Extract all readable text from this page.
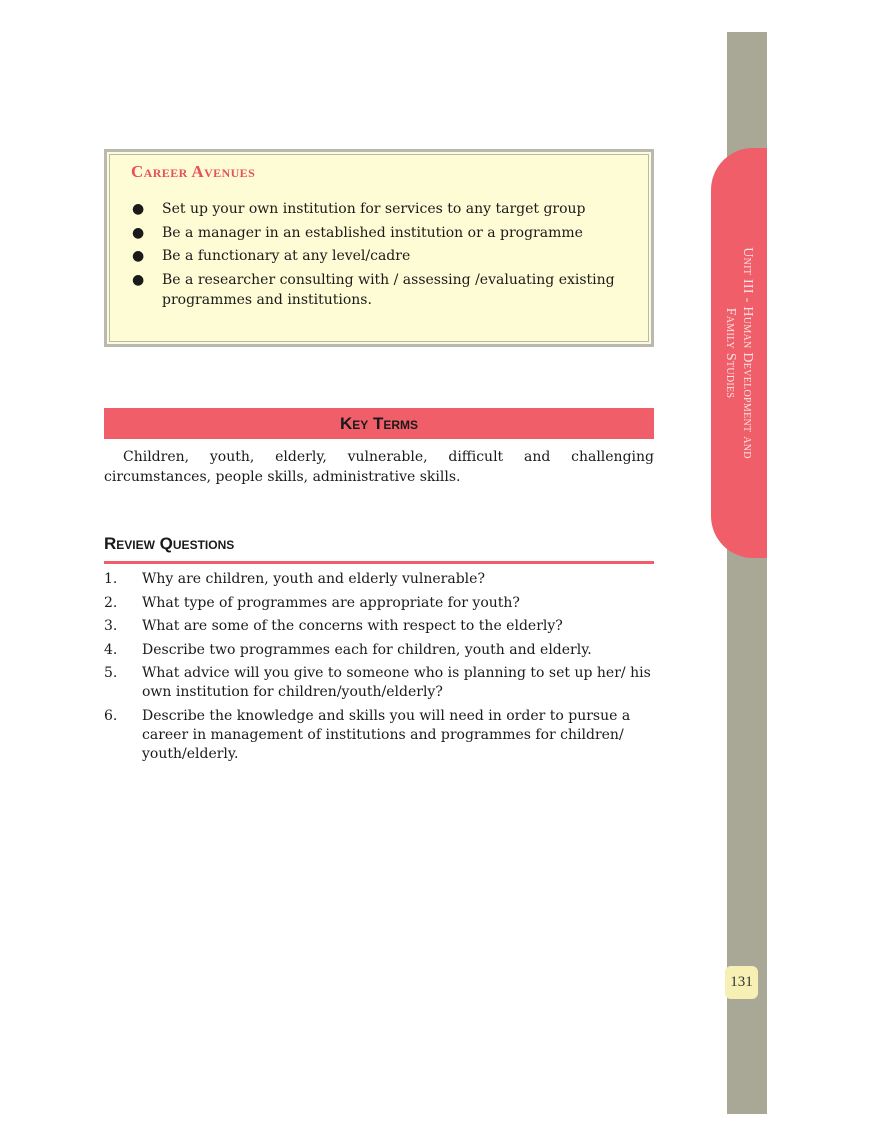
Unit III - Human Development and
Family Studies
131
Career Avenues
● Set up your own institution for services to any target group
● Be a manager in an established institution or a programme
● Be a functionary at any level/cadre
● Be a researcher consulting with / assessing /evaluating existing programmes and institutions.
Key Terms

Children, youth, elderly, vulnerable, difficult and challenging circumstances, people skills, administrative skills.

Review Questions
1. Why are children, youth and elderly vulnerable?
2. What type of programmes are appropriate for youth?
3. What are some of the concerns with respect to the elderly?
4. Describe two programmes each for children, youth and elderly.
5. What advice will you give to someone who is planning to set up her/ his own institution for children/youth/elderly?
6. Describe the knowledge and skills you will need in order to pursue a career in management of institutions and programmes for children/ youth/elderly.
